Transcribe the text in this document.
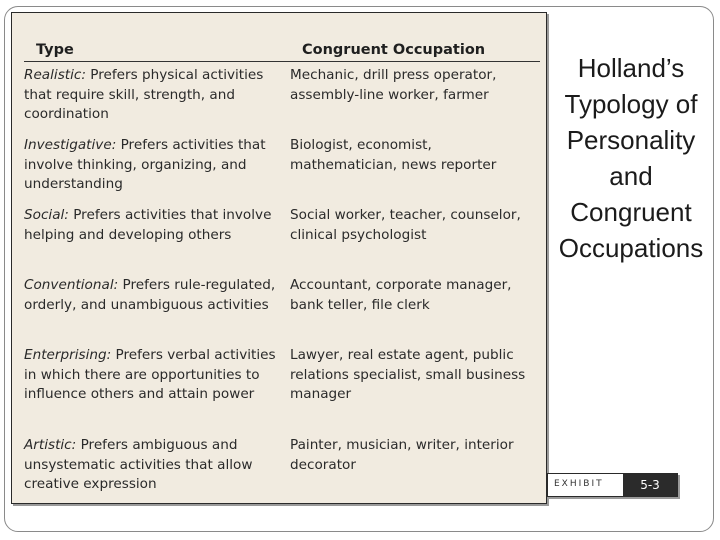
Type	Congruent Occupation
Realistic: Prefers physical activities that require skill, strength, and coordination
Mechanic, drill press operator, assembly-line worker, farmer
Investigative: Prefers activities that involve thinking, organizing, and understanding
Biologist, economist, mathematician, news reporter
Social: Prefers activities that involve helping and developing others
Social worker, teacher, counselor, clinical psychologist
Conventional: Prefers rule-regulated, orderly, and unambiguous activities
Accountant, corporate manager, bank teller, file clerk
Enterprising: Prefers verbal activities in which there are opportunities to influence others and attain power
Lawyer, real estate agent, public relations specialist, small business manager
Artistic: Prefers ambiguous and unsystematic activities that allow creative expression
Painter, musician, writer, interior decorator
Holland’s
Typology of
Personality
and
Congruent
Occupations
EXHIBIT	5-3
